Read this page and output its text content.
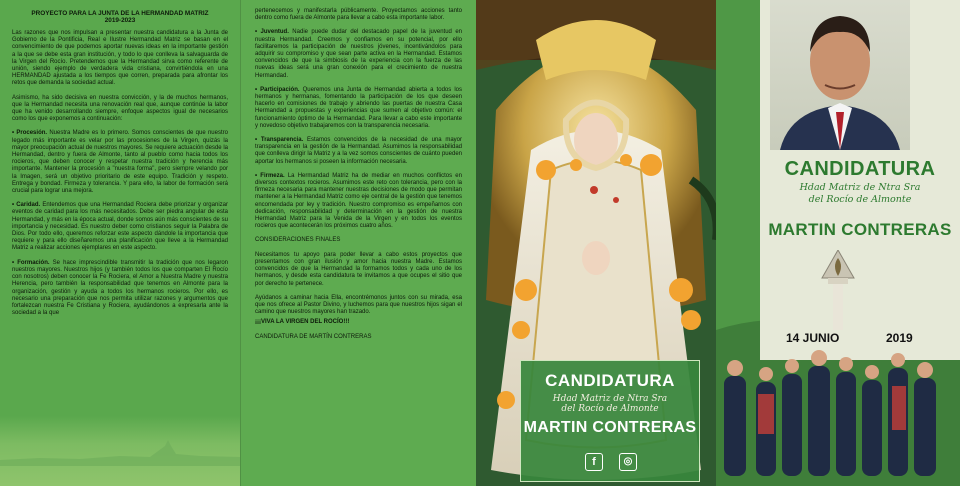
PROYECTO PARA LA JUNTA DE LA HERMANDAD MATRIZ
2019-2023

Las razones que nos impulsan a presentar nuestra candidatura a la Junta de Gobierno de la Pontificia, Real e Ilustre Hermandad Matriz se basan en el convencimiento de que podemos aportar nuevas ideas en la importante gestión a la que se debe esta gran institución, y todo lo que conlleva la salvaguarda de la Virgen del Rocío. Pretendemos que la Hermandad sirva como referente de unión, siendo ejemplo de verdadera vida cristiana, convirtiéndola en una HERMANDAD ajustada a los tiempos que corren, preparada para afrontar los retos que demanda la sociedad actual.

Asimismo, ha sido decisiva en nuestra convicción, y la de muchos hermanos, que la Hermandad necesita una renovación real que, aunque continúe la labor que ha venido desarrollando siempre, enfoque aspectos igual de necesarios como los que exponemos a continuación:

• Procesión. Nuestra Madre es lo primero. Somos conscientes de que nuestro legado más importante es velar por las procesiones de la Virgen, quizás la mayor preocupación actual de nuestros mayores. Se requiere actuación desde la Hermandad, dentro y fuera de Almonte, tanto al pueblo como hacia todos los rocieros, que deben conocer y respetar nuestra tradición y herencia más importante. Mantener la procesión a "nuestra forma", pero siempre velando por la Imagen, será un objetivo prioritario de este equipo. Tradición y respeto. Entrega y bondad. Firmeza y tolerancia. Y para ello, la labor de formación será crucial para lograr una mejora.

• Caridad. Entendemos que una Hermandad Rociera debe priorizar y organizar eventos de caridad para los más necesitados. Debe ser piedra angular de esta Hermandad, y más en la época actual, donde somos aún más conscientes de su importancia y necesidad. Es nuestro deber como cristianos seguir la Palabra de Dios. Por todo ello, queremos reforzar este aspecto dándole la importancia que requiere y para ello diseñaremos una planificación que lleve a la Hermandad Matriz a realizar acciones ejemplares en este aspecto.

• Formación. Se hace imprescindible transmitir la tradición que nos legaron nuestros mayores. Nuestros hijos (y también todos los que comparten El Rocío con nosotros) deben conocer la Fe Rociera, el Amor a Nuestra Madre y nuestra Herencia, pero también la responsabilidad que tenemos en Almonte para la organización, gestión y ayuda a todos los hermanos rocieros. Por ello, es necesario una preparación que nos permita utilizar razones y argumentos que fortalezcan nuestra Fe Cristiana y Rociera, ayudándonos a expresarla ante la sociedad a la que

pertenecemos y manifestarla públicamente. Proyectamos acciones tanto dentro como fuera de Almonte para llevar a cabo esta importante labor.

• Juventud. Nadie puede dudar del destacado papel de la juventud en nuestra Hermandad. Creemos y confiamos en su potencial, por ello facilitaremos la participación de nuestros jóvenes, incentivándolos para adquirir su compromiso y que sean parte activa en la Hermandad. Estamos convencidos de que la simbiosis de la experiencia con la fuerza de las nuevas ideas será una gran conexión para el crecimiento de nuestra Hermandad.

• Participación. Queremos una Junta de Hermandad abierta a todos los hermanos y hermanas, fomentando la participación de los que deseen hacerlo en comisiones de trabajo y abriendo las puertas de nuestra Casa Hermandad a propuestas y experiencias que sumen al objetivo común: el funcionamiento óptimo de la Hermandad. Para llevar a cabo este importante y novedoso objetivo trabajaremos con la transparencia necesaria.

• Transparencia. Estamos convencidos de la necesidad de una mayor transparencia en la gestión de la Hermandad. Asumimos la responsabilidad que conlleva dirigir la Matriz y a la vez somos conscientes de cuánto pueden aportar los hermanos si poseen la información necesaria.

• Firmeza. La Hermandad Matriz ha de mediar en muchos conflictos en diversos contextos rocieros. Asumimos este reto con tolerancia, pero con la firmeza necesaria para mantener nuestras decisiones de modo que permitan mantener a la Hermandad Matriz como eje central de la gestión que tenemos encomendada por ley y tradición. Nuestro compromiso es empeñarnos con dedicación, responsabilidad y determinación en la gestión de nuestra Hermandad Matriz para la Venida de la Virgen y en todos los eventos rocieros que acontecerán los próximos cuatro años.

CONSIDERACIONES FINALES

Necesitamos tu apoyo para poder llevar a cabo estos proyectos que presentamos con gran ilusión y amor hacia nuestra Madre. Estamos convencidos de que la Hermandad la formamos todos y cada uno de los hermanos, y desde esta candidatura te invitamos a que ocupes el sitio que por derecho te pertenece.

Ayúdanos a caminar hacia Ella, encontrémonos juntos con su mirada, esa que nos ofrece al Pastor Divino, y luchemos para que nuestros hijos sigan el camino que nuestros mayores han trazado.

¡¡¡VIVA LA VIRGEN DEL ROCÍO!!!

CANDIDATURA DE MARTÍN CONTRERAS

CANDIDATURA
Hdad Matriz de Ntra Sra
del Rocío de Almonte
MARTIN CONTRERAS
f	◎
CANDIDATURA
Hdad Matriz de Ntra Sra
del Rocío de Almonte
MARTIN CONTRERAS
14 JUNIO	2019
